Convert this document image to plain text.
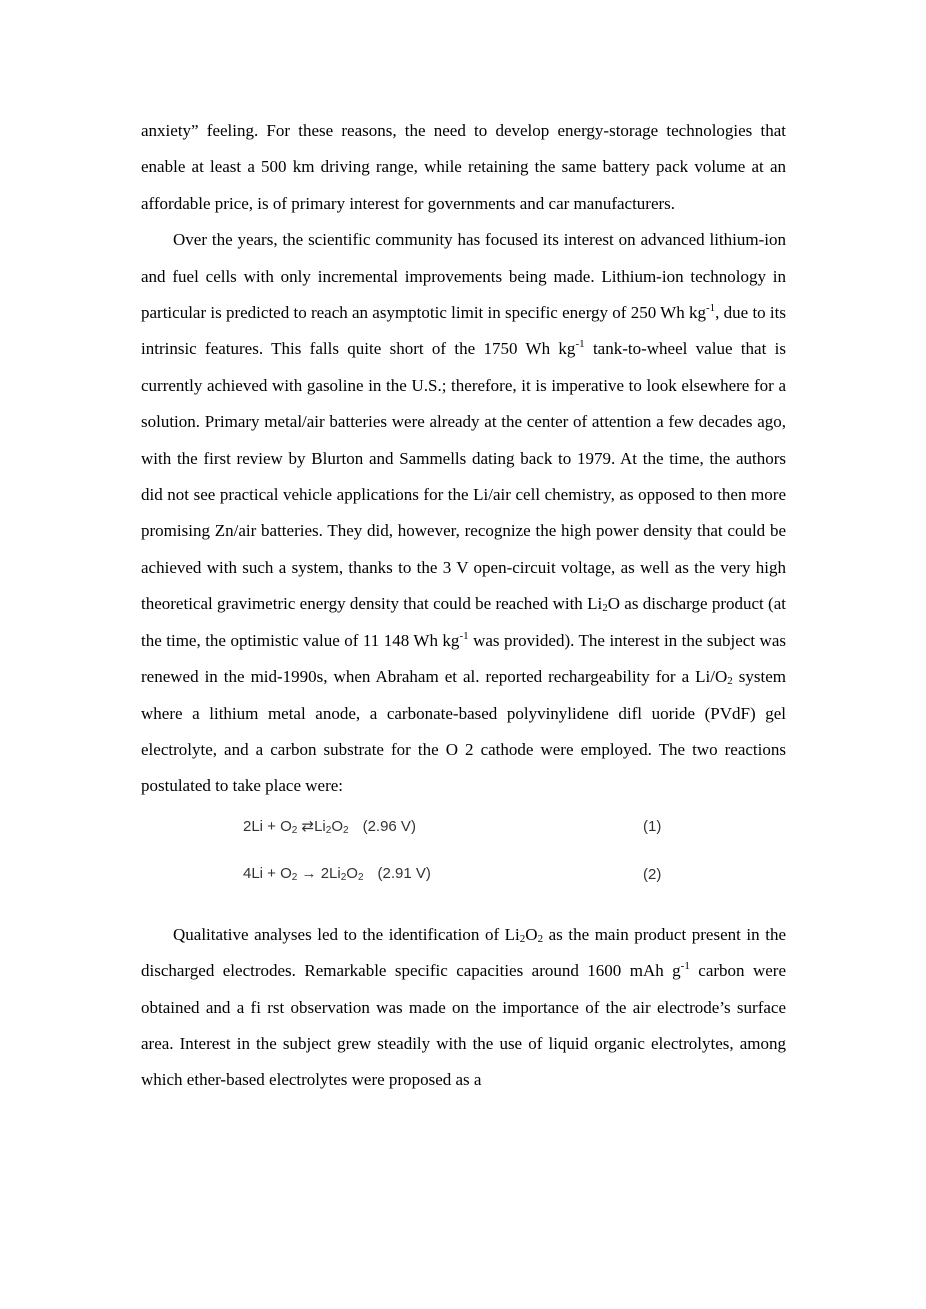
anxiety” feeling. For these reasons, the need to develop energy-storage technologies that enable at least a 500 km driving range, while retaining the same battery pack volume at an affordable price, is of primary interest for governments and car manufacturers.

Over the years, the scientific community has focused its interest on advanced lithium-ion and fuel cells with only incremental improvements being made. Lithium-ion technology in particular is predicted to reach an asymptotic limit in specific energy of 250 Wh $kg^{-1}$, due to its intrinsic features. This falls quite short of the 1750 Wh $kg^{-1}$ tank-to-wheel value that is currently achieved with gasoline in the U.S.; therefore, it is imperative to look elsewhere for a solution. Primary metal/air batteries were already at the center of attention a few decades ago, with the first review by Blurton and Sammells dating back to 1979. At the time, the authors did not see practical vehicle applications for the Li/air cell chemistry, as opposed to then more promising Zn/air batteries. They did, however, recognize the high power density that could be achieved with such a system, thanks to the 3 V open-circuit voltage, as well as the very high theoretical gravimetric energy density that could be reached with $Li_2O$ as discharge product (at the time, the optimistic value of 11 148 Wh $kg^{-1}$ was provided). The interest in the subject was renewed in the mid-1990s, when Abraham et al. reported rechargeability for a $Li/O_2$ system where a lithium metal anode, a carbonate-based polyvinylidene difl uoride (PVdF) gel electrolyte, and a carbon substrate for the O 2 cathode were employed. The two reactions postulated to take place were:

$2Li + O_2$ $⇄Li_2O_2$ (2.96 V)	(1)
$4Li + O_2 \to 2Li_2O_2$ (2.91 V)	(2)

Qualitative analyses led to the identification of $Li_2O_2$ as the main product present in the discharged electrodes. Remarkable specific capacities around 1600 mAh $g^{-1}$ carbon were obtained and a fi rst observation was made on the importance of the air electrode’s surface area. Interest in the subject grew steadily with the use of liquid organic electrolytes, among which ether-based electrolytes were proposed as a
